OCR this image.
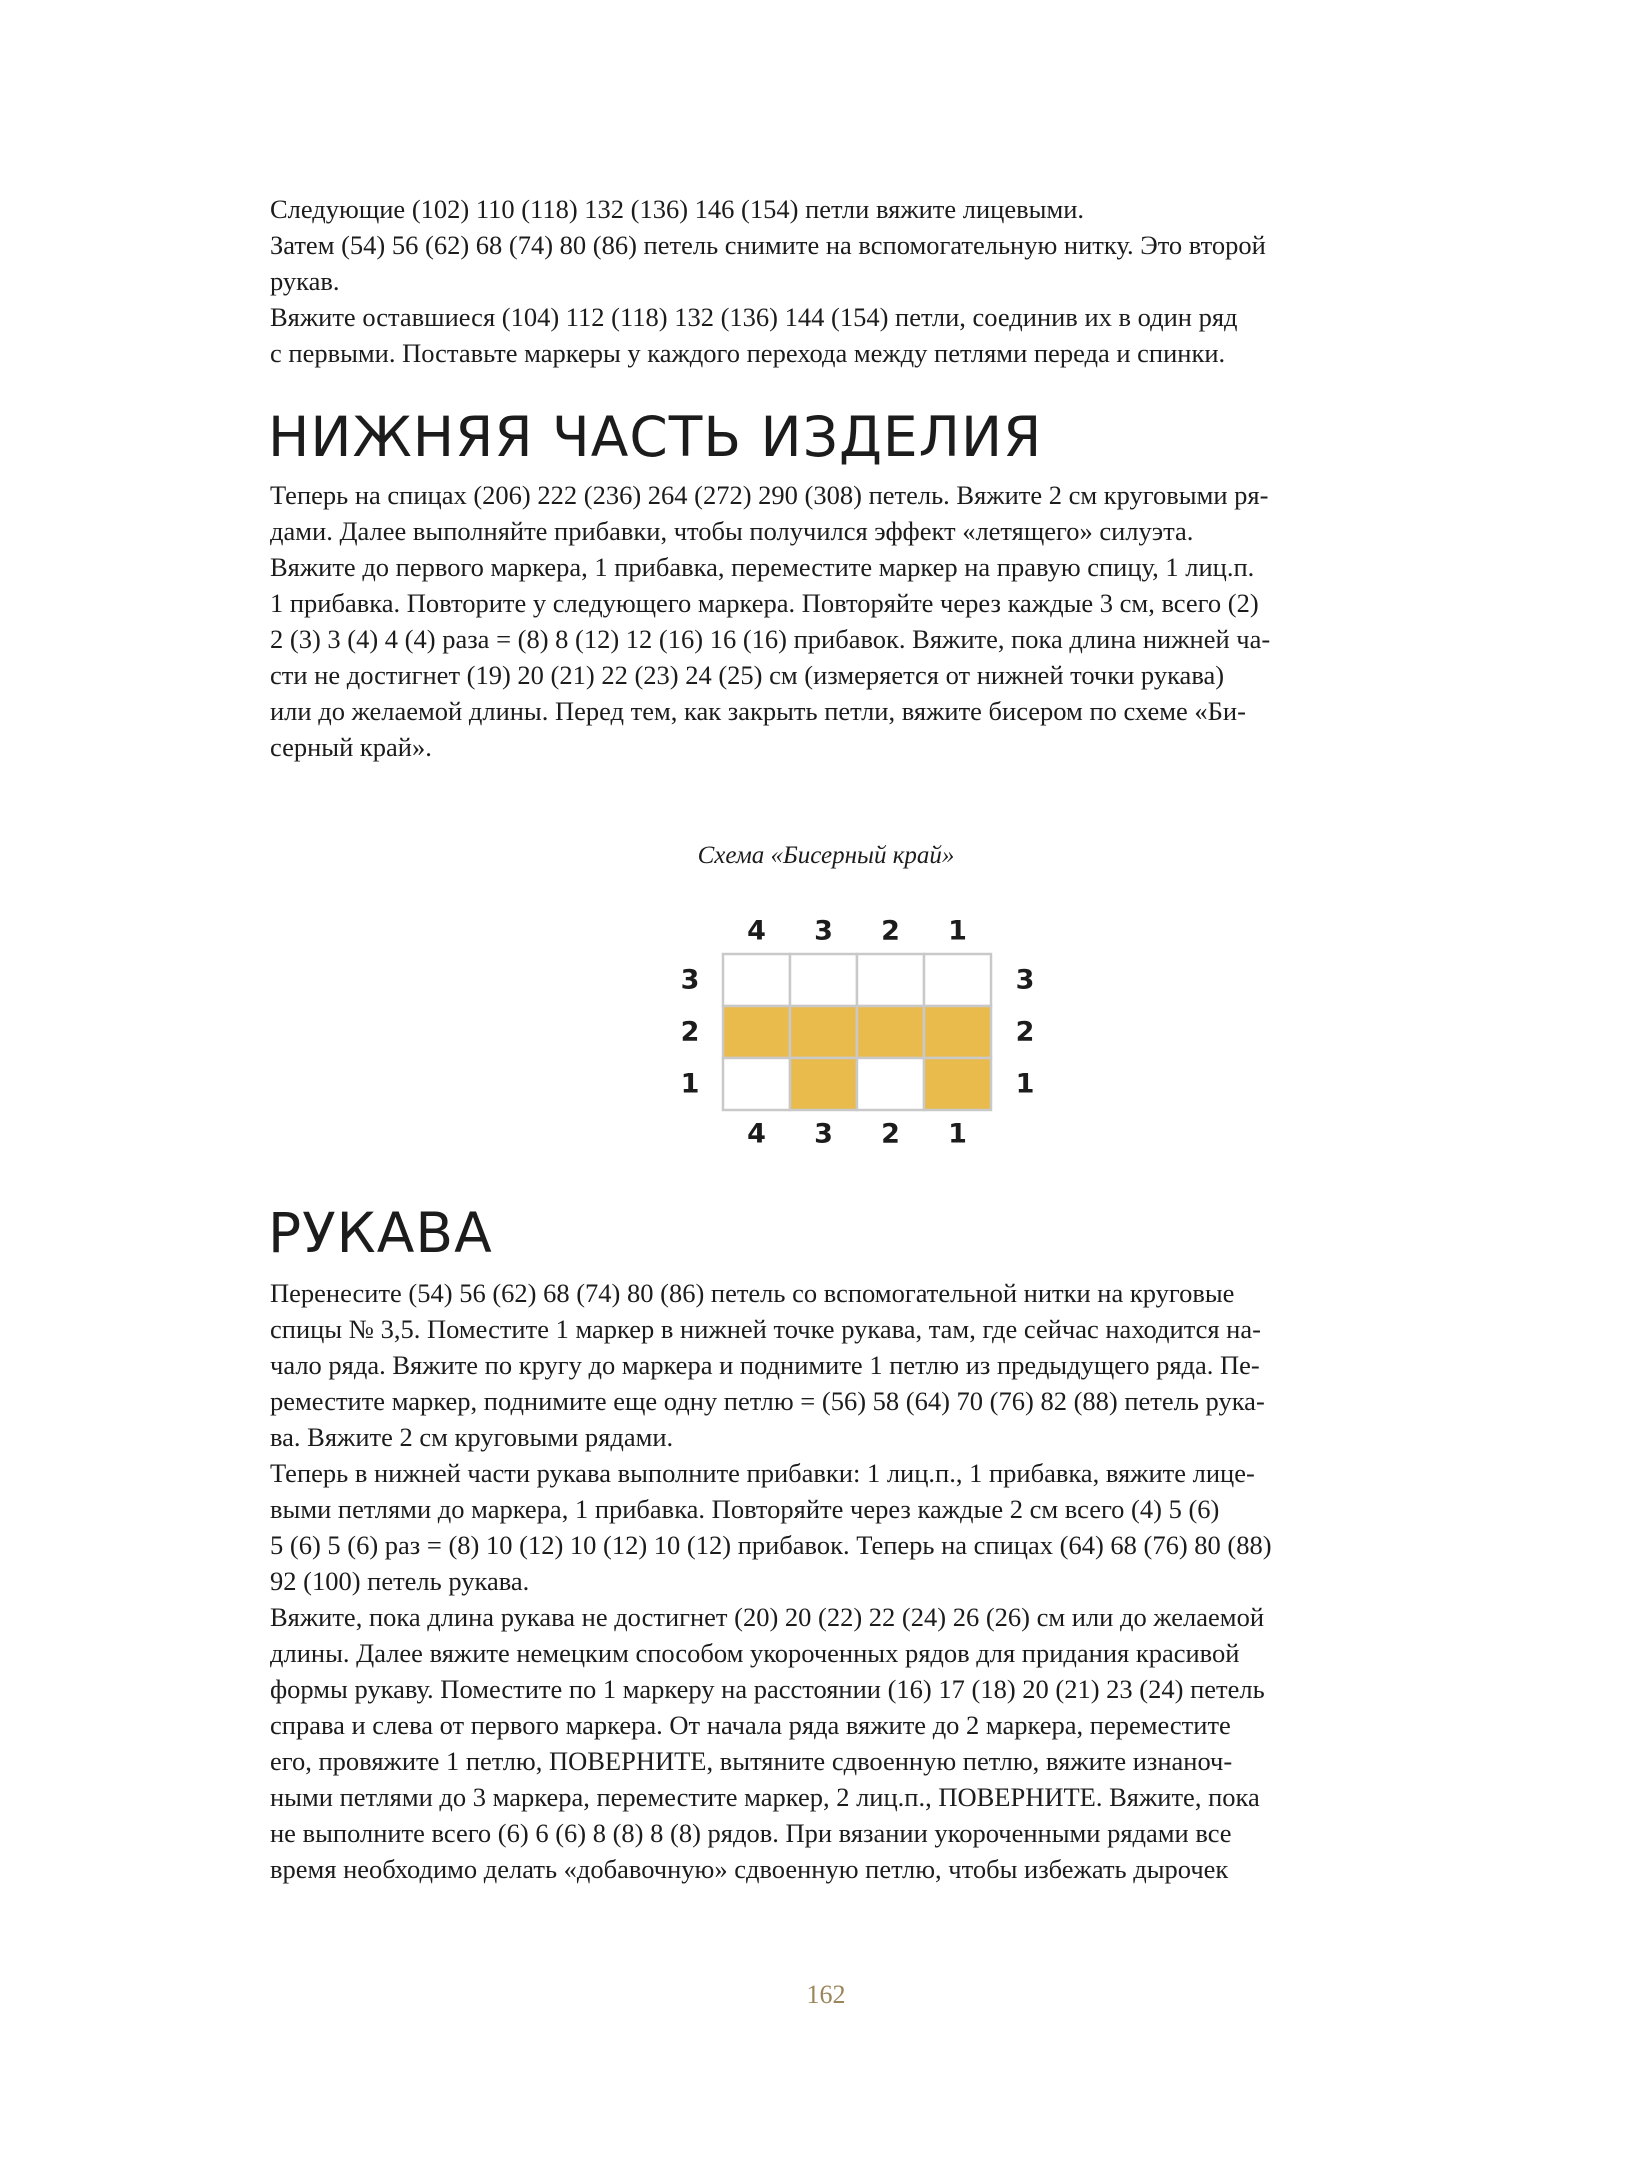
Следующие (102) 110 (118) 132 (136) 146 (154) петли вяжите лицевыми.
Затем (54) 56 (62) 68 (74) 80 (86) петель снимите на вспомогательную нитку. Это второй
рукав.
Вяжите оставшиеся (104) 112 (118) 132 (136) 144 (154) петли, соединив их в один ряд
с первыми. Поставьте маркеры у каждого перехода между петлями переда и спинки.
НИЖНЯЯ ЧАСТЬ ИЗДЕЛИЯ
Теперь на спицах (206) 222 (236) 264 (272) 290 (308) петель. Вяжите 2 см круговыми ря-
дами. Далее выполняйте прибавки, чтобы получился эффект «летящего» силуэта.
Вяжите до первого маркера, 1 прибавка, переместите маркер на правую спицу, 1 лиц.п.
1 прибавка. Повторите у следующего маркера. Повторяйте через каждые 3 см, всего (2)
2 (3) 3 (4) 4 (4) раза = (8) 8 (12) 12 (16) 16 (16) прибавок. Вяжите, пока длина нижней ча-
сти не достигнет (19) 20 (21) 22 (23) 24 (25) см (измеряется от нижней точки рукава)
или до желаемой длины. Перед тем, как закрыть петли, вяжите бисером по схеме «Би-
серный край».

Схема «Бисерный край»

4 3 2 1
4 3 2 1
3
2
1
3
2
1
РУКАВА
Перенесите (54) 56 (62) 68 (74) 80 (86) петель со вспомогательной нитки на круговые
спицы № 3,5. Поместите 1 маркер в нижней точке рукава, там, где сейчас находится на-
чало ряда. Вяжите по кругу до маркера и поднимите 1 петлю из предыдущего ряда. Пе-
реместите маркер, поднимите еще одну петлю = (56) 58 (64) 70 (76) 82 (88) петель рука-
ва. Вяжите 2 см круговыми рядами.
Теперь в нижней части рукава выполните прибавки: 1 лиц.п., 1 прибавка, вяжите лице-
выми петлями до маркера, 1 прибавка. Повторяйте через каждые 2 см всего (4) 5 (6)
5 (6) 5 (6) раз = (8) 10 (12) 10 (12) 10 (12) прибавок. Теперь на спицах (64) 68 (76) 80 (88)
92 (100) петель рукава.
Вяжите, пока длина рукава не достигнет (20) 20 (22) 22 (24) 26 (26) см или до желаемой
длины. Далее вяжите немецким способом укороченных рядов для придания красивой
формы рукаву. Поместите по 1 маркеру на расстоянии (16) 17 (18) 20 (21) 23 (24) петель
справа и слева от первого маркера. От начала ряда вяжите до 2 маркера, переместите
его, провяжите 1 петлю, ПОВЕРНИТЕ, вытяните сдвоенную петлю, вяжите изнаноч-
ными петлями до 3 маркера, переместите маркер, 2 лиц.п., ПОВЕРНИТЕ. Вяжите, пока
не выполните всего (6) 6 (6) 8 (8) 8 (8) рядов. При вязании укороченными рядами все
время необходимо делать «добавочную» сдвоенную петлю, чтобы избежать дырочек

162
